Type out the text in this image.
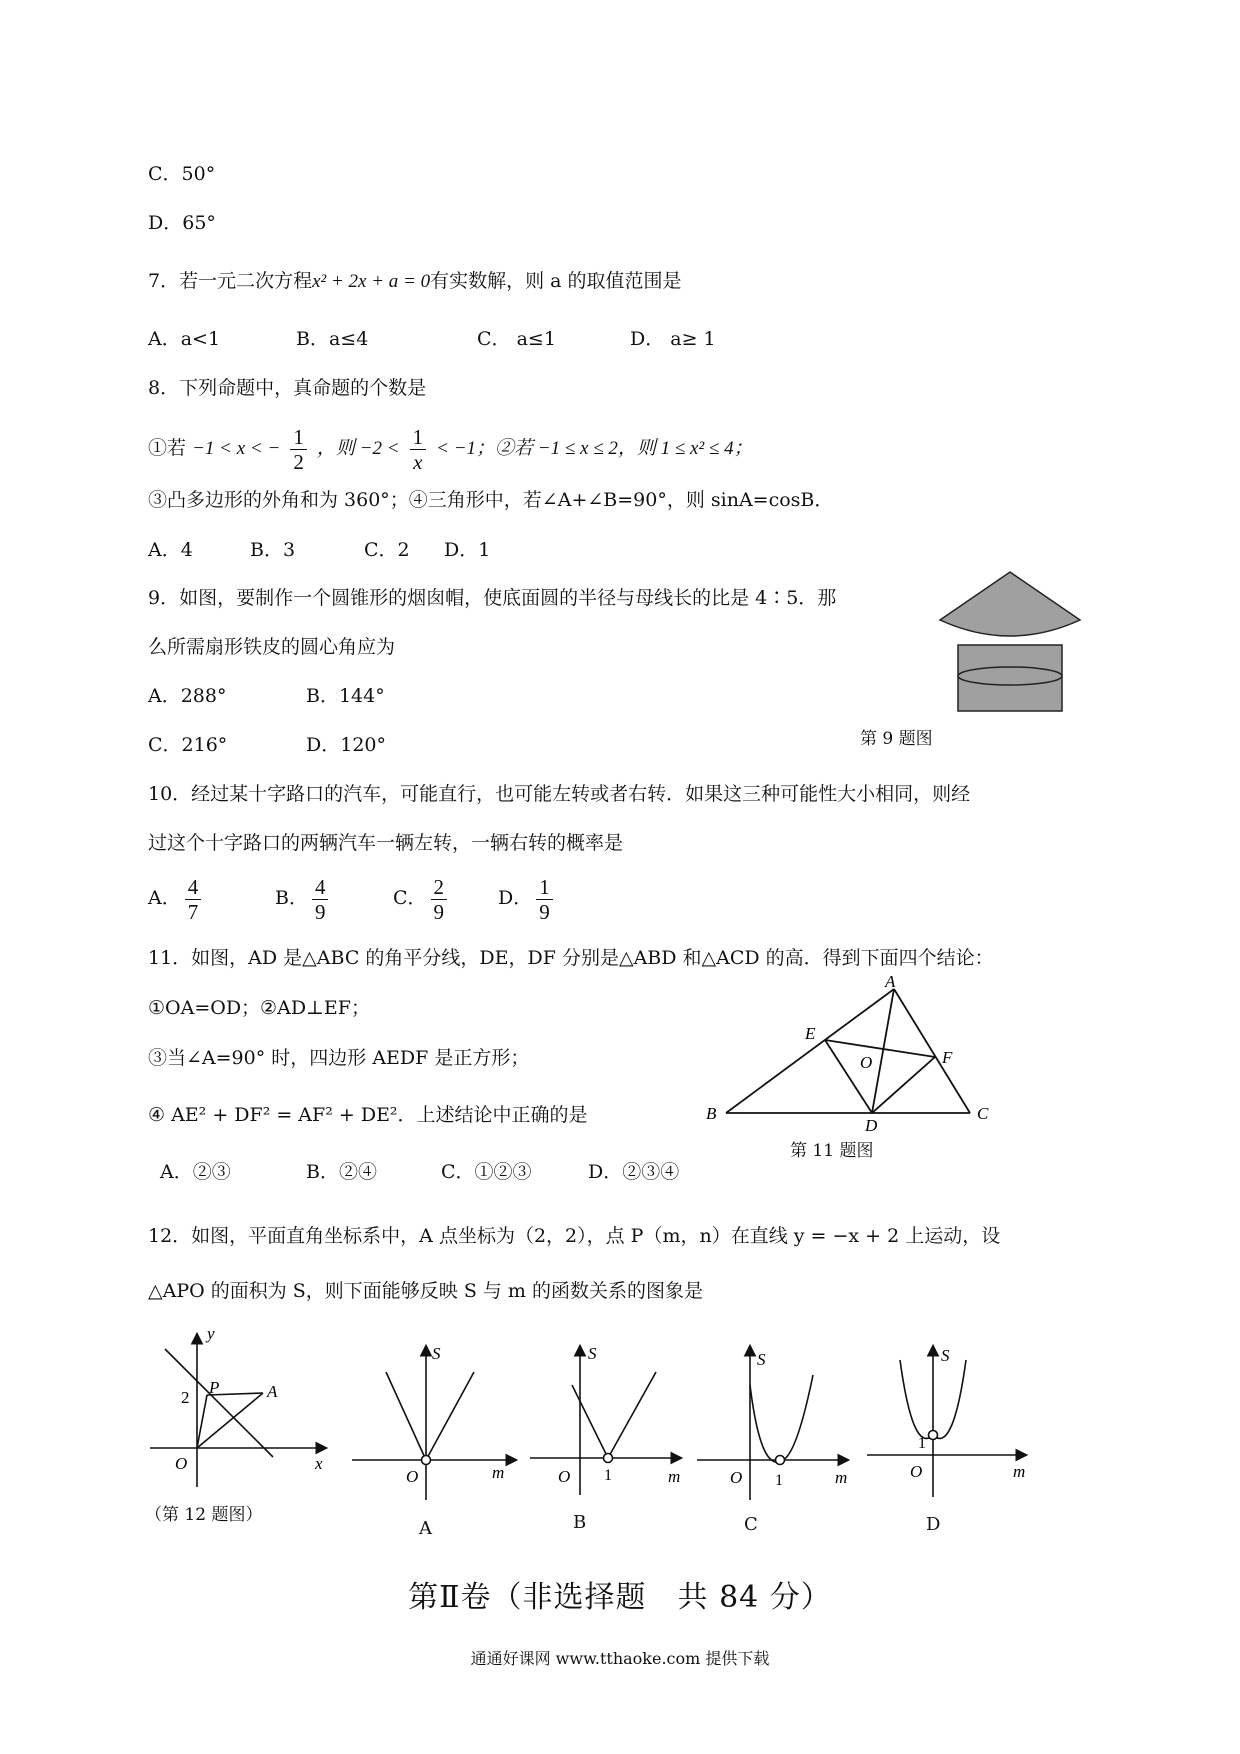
C．50°
D．65°
7．若一元二次方程x² + 2x + a = 0有实数解，则 a 的取值范围是
A．a<1	B．a≤4	C． a≤1	D． a≥ 1
8．下列命题中，真命题的个数是
①若 −1 < x < − $\frac{1}{2}$ ，则 $-2 < \frac{1}{x} < -1$；②若 −1 ≤ x ≤ 2，则 1 ≤ x² ≤ 4；
③凸多边形的外角和为 360°；④三角形中，若∠A+∠B=90°，则 sinA=cosB．
A．4	B．3	C．2 D．1
9．如图，要制作一个圆锥形的烟囱帽，使底面圆的半径与母线长的比是 4∶5．那
么所需扇形铁皮的圆心角应为
A．288°	B．144°
C．216°	D．120°	第 9 题图
10．经过某十字路口的汽车，可能直行，也可能左转或者右转．如果这三种可能性大小相同，则经
过这个十字路口的两辆汽车一辆左转，一辆右转的概率是
A． $\frac{4}{7}$	B． $\frac{4}{9}$	C． $\frac{2}{9}$	D． $\frac{1}{9}$
11．如图，AD 是△ABC 的角平分线，DE，DF 分别是△ABD 和△ACD 的高．得到下面四个结论：
①OA=OD；②AD⊥EF；
③当∠A=90° 时，四边形 AEDF 是正方形；
④ AE² + DF² = AF² + DE²．上述结论中正确的是
A．②③	B．②④	C．①②③	D．②③④
A
E
O	F
B
D
C
第 11 题图
12．如图，平面直角坐标系中，A 点坐标为（2，2），点 P（m，n）在直线 y = −x + 2 上运动，设
△APO 的面积为 S，则下面能够反映 S 与 m 的函数关系的图象是
y
x
O
2
P	A
（第 12 题图）
S
m
O
A
S
m
O 1
B
S
m
O 1
C
S
m
O
1
D
第Ⅱ卷（非选择题　共 84 分）
通通好课网 www.tthaoke.com 提供下载
